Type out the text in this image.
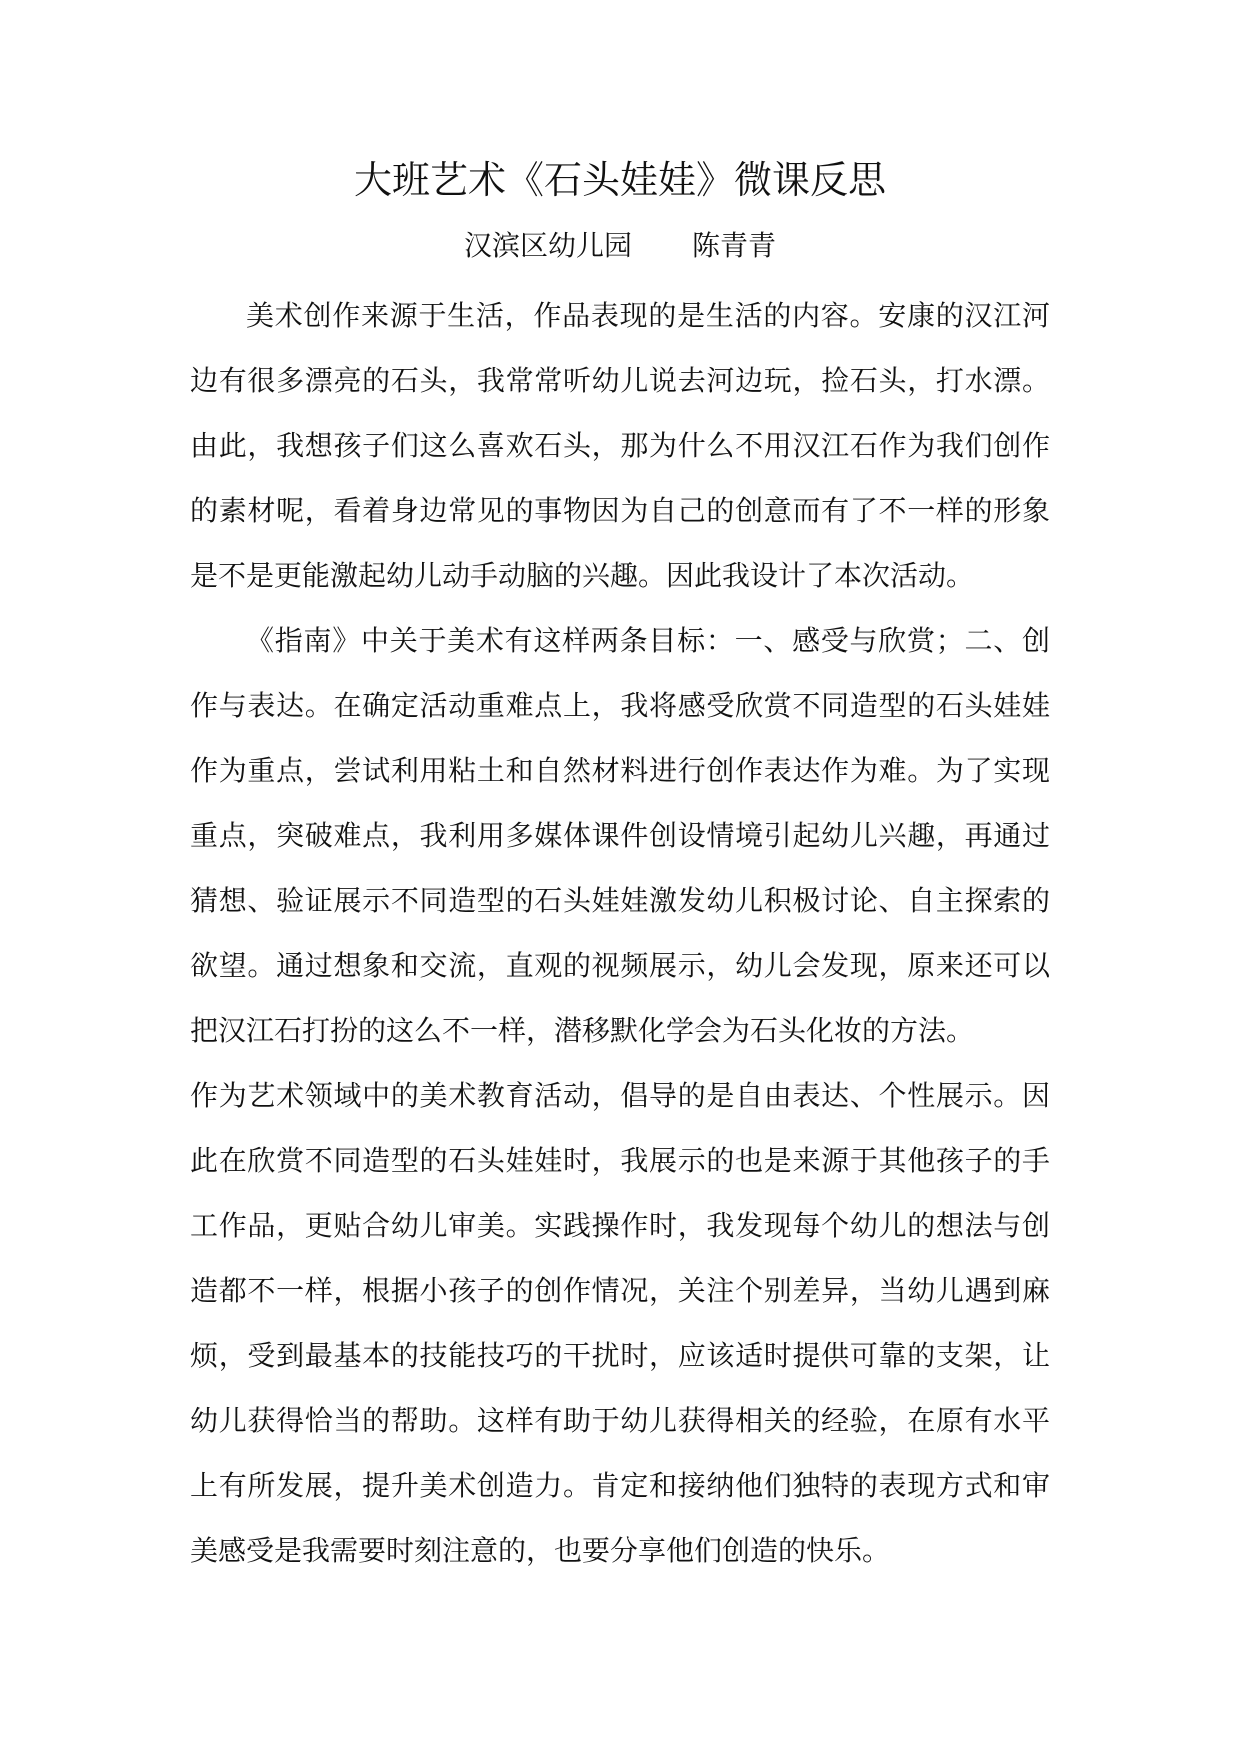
大班艺术《石头娃娃》微课反思

汉滨区幼儿园 陈青青

美术创作来源于生活，作品表现的是生活的内容。安康的汉江河边有很多漂亮的石头，我常常听幼儿说去河边玩，捡石头，打水漂。由此，我想孩子们这么喜欢石头，那为什么不用汉江石作为我们创作的素材呢，看着身边常见的事物因为自己的创意而有了不一样的形象是不是更能激起幼儿动手动脑的兴趣。因此我设计了本次活动。

《指南》中关于美术有这样两条目标：一、感受与欣赏；二、创作与表达。在确定活动重难点上，我将感受欣赏不同造型的石头娃娃作为重点，尝试利用粘土和自然材料进行创作表达作为难。为了实现重点，突破难点，我利用多媒体课件创设情境引起幼儿兴趣，再通过猜想、验证展示不同造型的石头娃娃激发幼儿积极讨论、自主探索的欲望。通过想象和交流，直观的视频展示，幼儿会发现，原来还可以把汉江石打扮的这么不一样，潜移默化学会为石头化妆的方法。

作为艺术领域中的美术教育活动，倡导的是自由表达、个性展示。因此在欣赏不同造型的石头娃娃时，我展示的也是来源于其他孩子的手工作品，更贴合幼儿审美。实践操作时，我发现每个幼儿的想法与创造都不一样，根据小孩子的创作情况，关注个别差异，当幼儿遇到麻烦，受到最基本的技能技巧的干扰时，应该适时提供可靠的支架，让幼儿获得恰当的帮助。这样有助于幼儿获得相关的经验，在原有水平上有所发展，提升美术创造力。肯定和接纳他们独特的表现方式和审美感受是我需要时刻注意的，也要分享他们创造的快乐。
